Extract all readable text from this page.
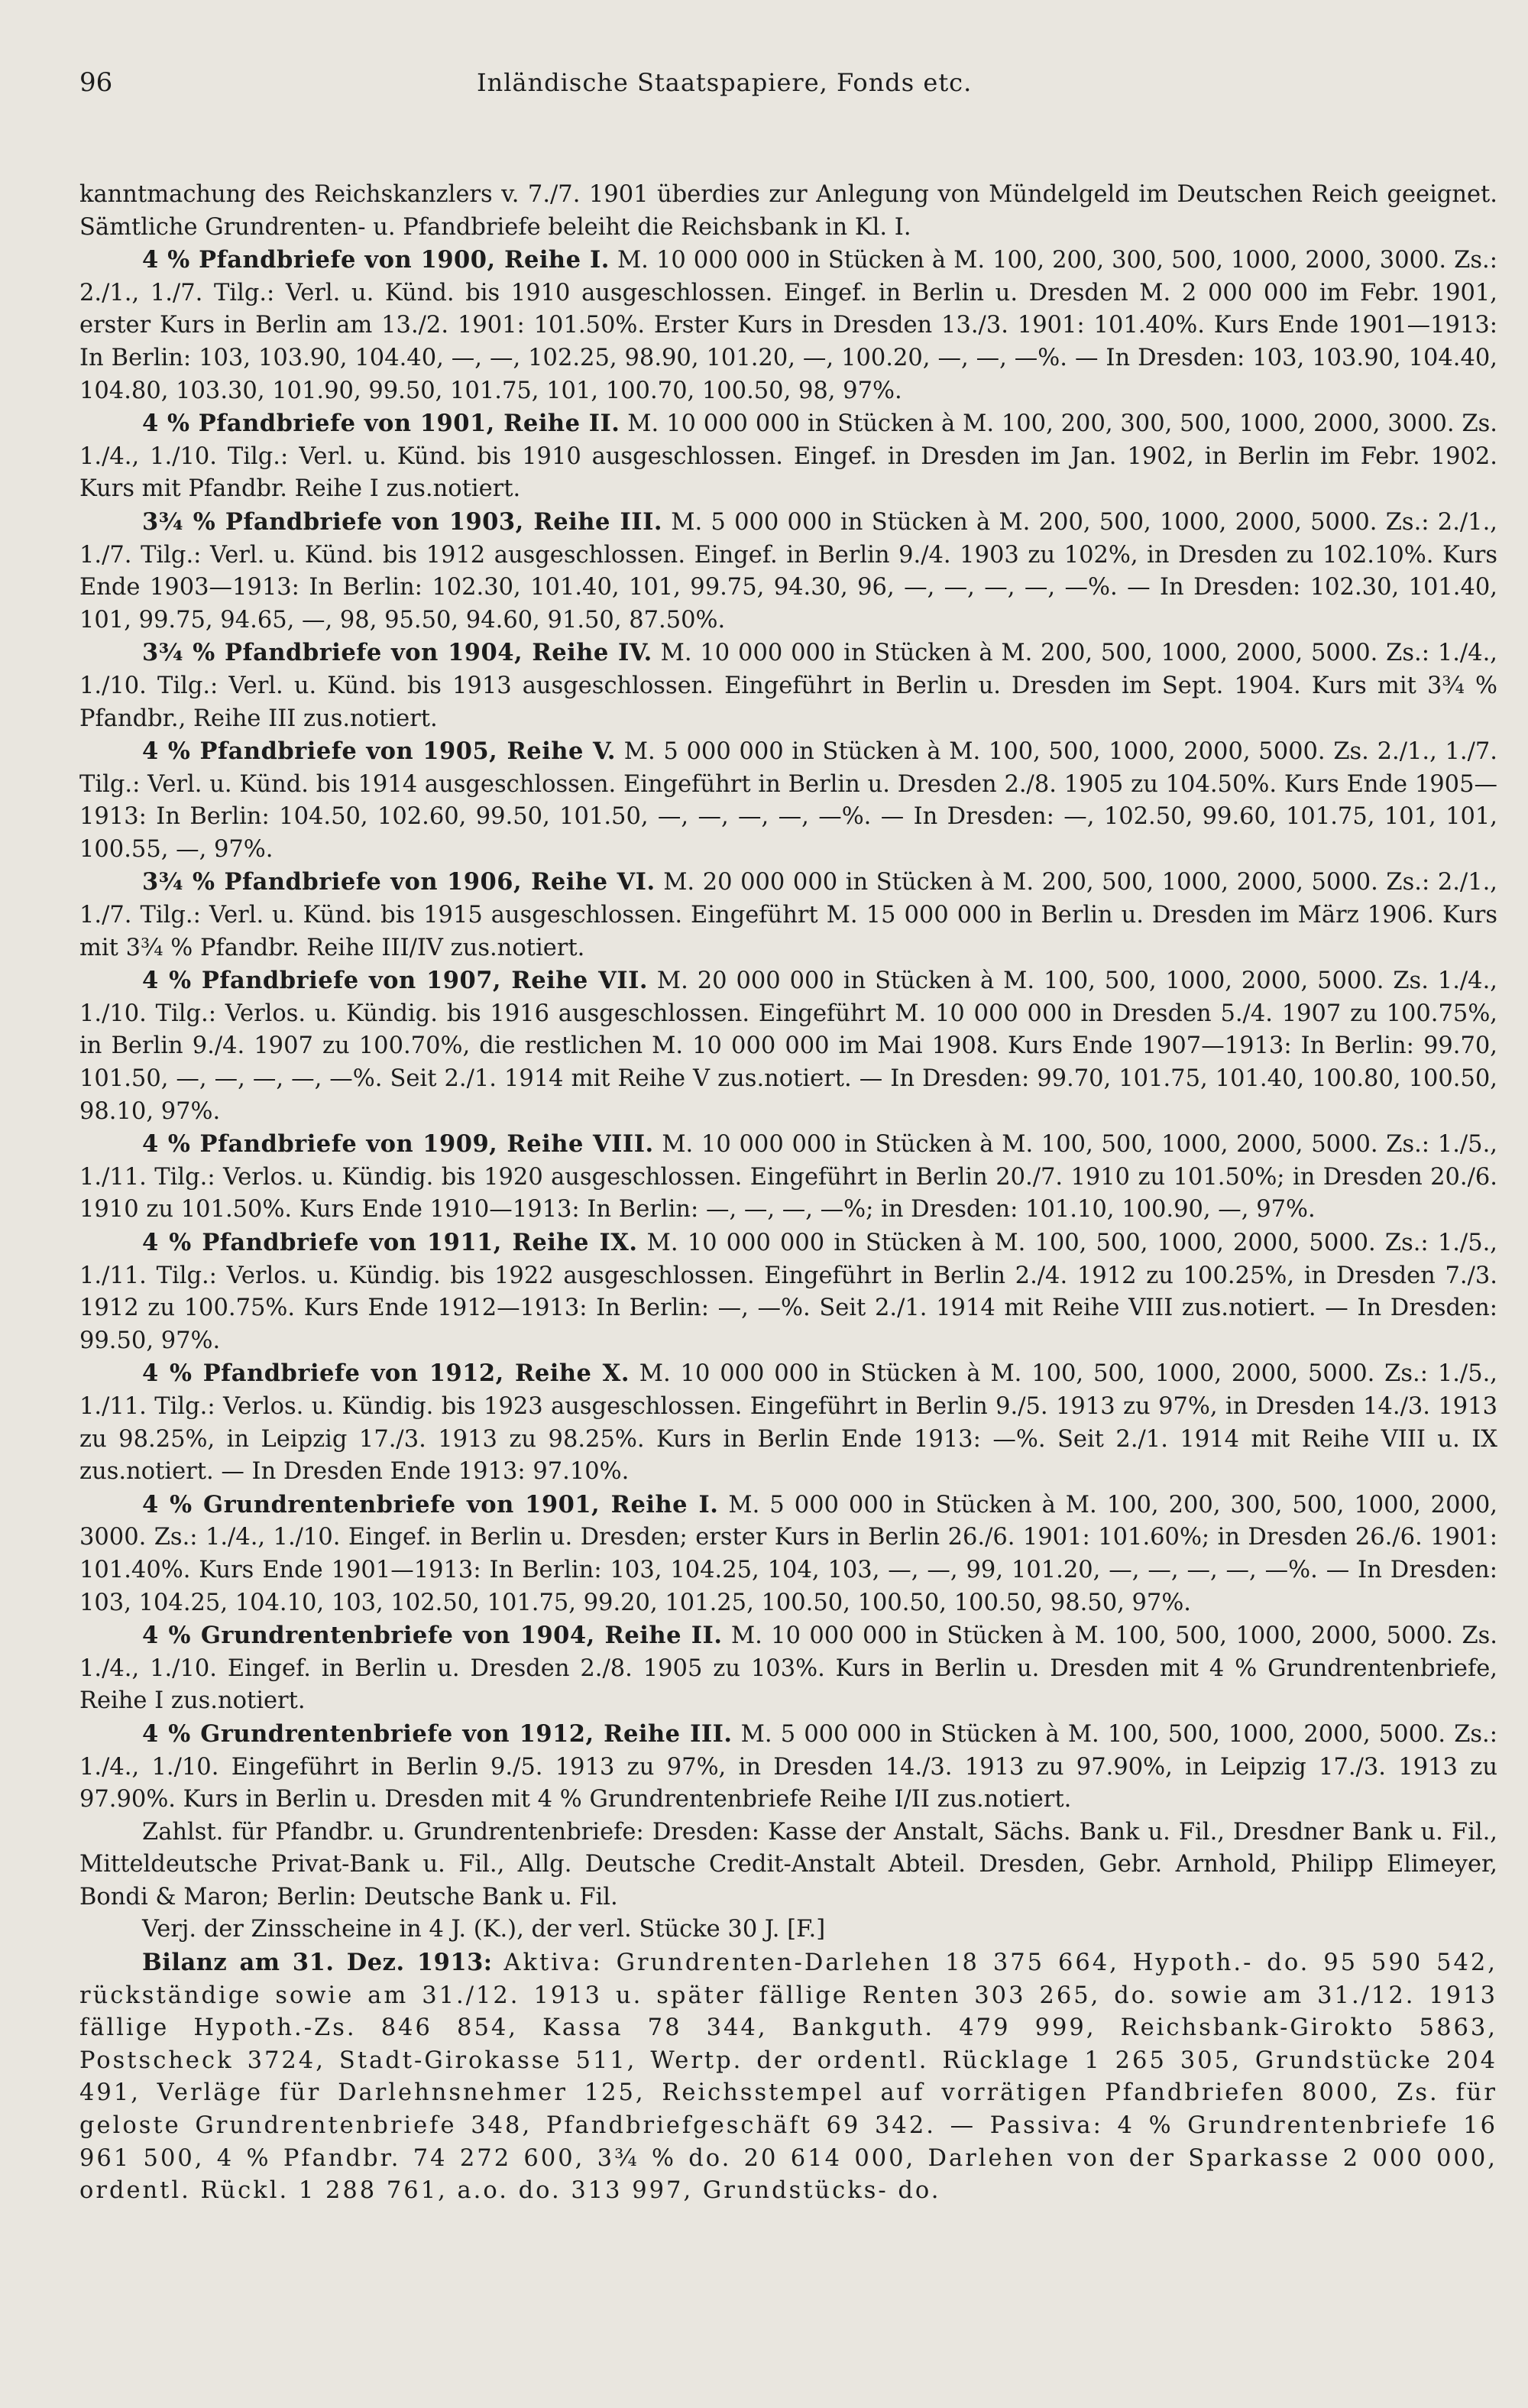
96	Inländische Staatspapiere, Fonds etc.

kanntmachung des Reichskanzlers v. 7./7. 1901 überdies zur Anlegung von Mündelgeld im Deutschen Reich geeignet. Sämtliche Grundrenten- u. Pfandbriefe beleiht die Reichsbank in Kl. I.

4 % Pfandbriefe von 1900, Reihe I. M. 10 000 000 in Stücken à M. 100, 200, 300, 500, 1000, 2000, 3000. Zs.: 2./1., 1./7. Tilg.: Verl. u. Künd. bis 1910 ausgeschlossen. Eingef. in Berlin u. Dresden M. 2 000 000 im Febr. 1901, erster Kurs in Berlin am 13./2. 1901: 101.50%. Erster Kurs in Dresden 13./3. 1901: 101.40%. Kurs Ende 1901—1913: In Berlin: 103, 103.90, 104.40, —, —, 102.25, 98.90, 101.20, —, 100.20, —, —, —%. — In Dresden: 103, 103.90, 104.40, 104.80, 103.30, 101.90, 99.50, 101.75, 101, 100.70, 100.50, 98, 97%.

4 % Pfandbriefe von 1901, Reihe II. M. 10 000 000 in Stücken à M. 100, 200, 300, 500, 1000, 2000, 3000. Zs. 1./4., 1./10. Tilg.: Verl. u. Künd. bis 1910 ausgeschlossen. Eingef. in Dresden im Jan. 1902, in Berlin im Febr. 1902. Kurs mit Pfandbr. Reihe I zus.notiert.

3¾ % Pfandbriefe von 1903, Reihe III. M. 5 000 000 in Stücken à M. 200, 500, 1000, 2000, 5000. Zs.: 2./1., 1./7. Tilg.: Verl. u. Künd. bis 1912 ausgeschlossen. Eingef. in Berlin 9./4. 1903 zu 102%, in Dresden zu 102.10%. Kurs Ende 1903—1913: In Berlin: 102.30, 101.40, 101, 99.75, 94.30, 96, —, —, —, —, —%. — In Dresden: 102.30, 101.40, 101, 99.75, 94.65, —, 98, 95.50, 94.60, 91.50, 87.50%.

3¾ % Pfandbriefe von 1904, Reihe IV. M. 10 000 000 in Stücken à M. 200, 500, 1000, 2000, 5000. Zs.: 1./4., 1./10. Tilg.: Verl. u. Künd. bis 1913 ausgeschlossen. Eingeführt in Berlin u. Dresden im Sept. 1904. Kurs mit 3¾ % Pfandbr., Reihe III zus.notiert.

4 % Pfandbriefe von 1905, Reihe V. M. 5 000 000 in Stücken à M. 100, 500, 1000, 2000, 5000. Zs. 2./1., 1./7. Tilg.: Verl. u. Künd. bis 1914 ausgeschlossen. Eingeführt in Berlin u. Dresden 2./8. 1905 zu 104.50%. Kurs Ende 1905—1913: In Berlin: 104.50, 102.60, 99.50, 101.50, —, —, —, —, —%. — In Dresden: —, 102.50, 99.60, 101.75, 101, 101, 100.55, —, 97%.

3¾ % Pfandbriefe von 1906, Reihe VI. M. 20 000 000 in Stücken à M. 200, 500, 1000, 2000, 5000. Zs.: 2./1., 1./7. Tilg.: Verl. u. Künd. bis 1915 ausgeschlossen. Eingeführt M. 15 000 000 in Berlin u. Dresden im März 1906. Kurs mit 3¾ % Pfandbr. Reihe III/IV zus.notiert.

4 % Pfandbriefe von 1907, Reihe VII. M. 20 000 000 in Stücken à M. 100, 500, 1000, 2000, 5000. Zs. 1./4., 1./10. Tilg.: Verlos. u. Kündig. bis 1916 ausgeschlossen. Eingeführt M. 10 000 000 in Dresden 5./4. 1907 zu 100.75%, in Berlin 9./4. 1907 zu 100.70%, die restlichen M. 10 000 000 im Mai 1908. Kurs Ende 1907—1913: In Berlin: 99.70, 101.50, —, —, —, —, —%. Seit 2./1. 1914 mit Reihe V zus.notiert. — In Dresden: 99.70, 101.75, 101.40, 100.80, 100.50, 98.10, 97%.

4 % Pfandbriefe von 1909, Reihe VIII. M. 10 000 000 in Stücken à M. 100, 500, 1000, 2000, 5000. Zs.: 1./5., 1./11. Tilg.: Verlos. u. Kündig. bis 1920 ausgeschlossen. Eingeführt in Berlin 20./7. 1910 zu 101.50%; in Dresden 20./6. 1910 zu 101.50%. Kurs Ende 1910—1913: In Berlin: —, —, —, —%; in Dresden: 101.10, 100.90, —, 97%.

4 % Pfandbriefe von 1911, Reihe IX. M. 10 000 000 in Stücken à M. 100, 500, 1000, 2000, 5000. Zs.: 1./5., 1./11. Tilg.: Verlos. u. Kündig. bis 1922 ausgeschlossen. Eingeführt in Berlin 2./4. 1912 zu 100.25%, in Dresden 7./3. 1912 zu 100.75%. Kurs Ende 1912—1913: In Berlin: —, —%. Seit 2./1. 1914 mit Reihe VIII zus.notiert. — In Dresden: 99.50, 97%.

4 % Pfandbriefe von 1912, Reihe X. M. 10 000 000 in Stücken à M. 100, 500, 1000, 2000, 5000. Zs.: 1./5., 1./11. Tilg.: Verlos. u. Kündig. bis 1923 ausgeschlossen. Eingeführt in Berlin 9./5. 1913 zu 97%, in Dresden 14./3. 1913 zu 98.25%, in Leipzig 17./3. 1913 zu 98.25%. Kurs in Berlin Ende 1913: —%. Seit 2./1. 1914 mit Reihe VIII u. IX zus.notiert. — In Dresden Ende 1913: 97.10%.

4 % Grundrentenbriefe von 1901, Reihe I. M. 5 000 000 in Stücken à M. 100, 200, 300, 500, 1000, 2000, 3000. Zs.: 1./4., 1./10. Eingef. in Berlin u. Dresden; erster Kurs in Berlin 26./6. 1901: 101.60%; in Dresden 26./6. 1901: 101.40%. Kurs Ende 1901—1913: In Berlin: 103, 104.25, 104, 103, —, —, 99, 101.20, —, —, —, —, —%. — In Dresden: 103, 104.25, 104.10, 103, 102.50, 101.75, 99.20, 101.25, 100.50, 100.50, 100.50, 98.50, 97%.

4 % Grundrentenbriefe von 1904, Reihe II. M. 10 000 000 in Stücken à M. 100, 500, 1000, 2000, 5000. Zs. 1./4., 1./10. Eingef. in Berlin u. Dresden 2./8. 1905 zu 103%. Kurs in Berlin u. Dresden mit 4 % Grundrentenbriefe, Reihe I zus.notiert.

4 % Grundrentenbriefe von 1912, Reihe III. M. 5 000 000 in Stücken à M. 100, 500, 1000, 2000, 5000. Zs.: 1./4., 1./10. Eingeführt in Berlin 9./5. 1913 zu 97%, in Dresden 14./3. 1913 zu 97.90%, in Leipzig 17./3. 1913 zu 97.90%. Kurs in Berlin u. Dresden mit 4 % Grundrentenbriefe Reihe I/II zus.notiert.

Zahlst. für Pfandbr. u. Grundrentenbriefe: Dresden: Kasse der Anstalt, Sächs. Bank u. Fil., Dresdner Bank u. Fil., Mitteldeutsche Privat-Bank u. Fil., Allg. Deutsche Credit-Anstalt Abteil. Dresden, Gebr. Arnhold, Philipp Elimeyer, Bondi & Maron; Berlin: Deutsche Bank u. Fil.

Verj. der Zinsscheine in 4 J. (K.), der verl. Stücke 30 J. [F.]

Bilanz am 31. Dez. 1913: Aktiva: Grundrenten-Darlehen 18 375 664, Hypoth.- do. 95 590 542, rückständige sowie am 31./12. 1913 u. später fällige Renten 303 265, do. sowie am 31./12. 1913 fällige Hypoth.-Zs. 846 854, Kassa 78 344, Bankguth. 479 999, Reichsbank-Girokto 5863, Postscheck 3724, Stadt-Girokasse 511, Wertp. der ordentl. Rücklage 1 265 305, Grundstücke 204 491, Verläge für Darlehnsnehmer 125, Reichsstempel auf vorrätigen Pfandbriefen 8000, Zs. für geloste Grundrentenbriefe 348, Pfandbriefgeschäft 69 342. — Passiva: 4 % Grundrentenbriefe 16 961 500, 4 % Pfandbr. 74 272 600, 3¾ % do. 20 614 000, Darlehen von der Sparkasse 2 000 000, ordentl. Rückl. 1 288 761, a.o. do. 313 997, Grundstücks- do.
